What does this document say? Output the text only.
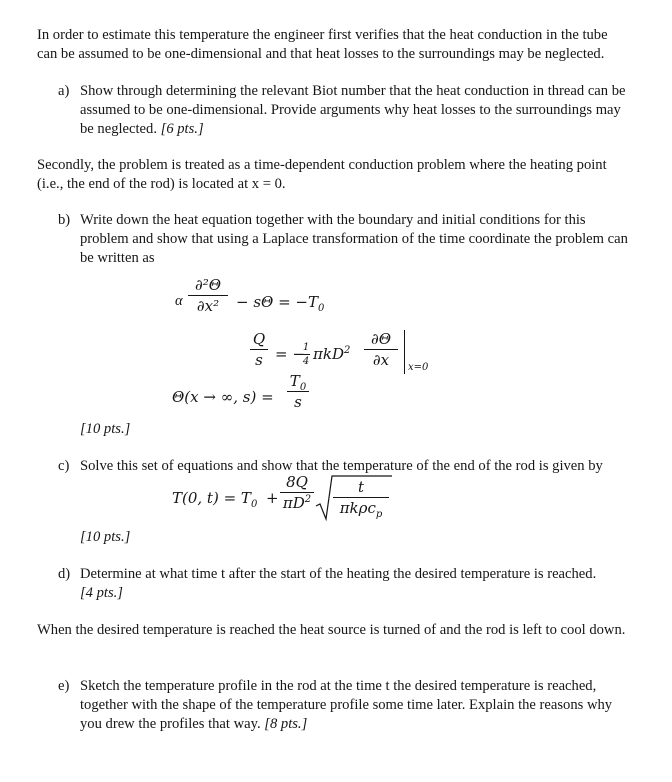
In order to estimate this temperature the engineer first verifies that the heat conduction in the tube can be assumed to be one-dimensional and that heat losses to the surroundings may be neglected.
a) Show through determining the relevant Biot number that the heat conduction in thread can be assumed to be one-dimensional. Provide arguments why heat losses to the surroundings may be neglected. [6 pts.]
Secondly, the problem is treated as a time-dependent conduction problem where the heating point (i.e., the end of the rod) is located at x = 0.
b) Write down the heat equation together with the boundary and initial conditions for this problem and show that using a Laplace transformation of the time coordinate the problem can be written as
α
∂²Θ
∂x²	− $s\Theta = -T_0$
Q
s = −
1
4 πkD$^2$
∂Θ
∂x	x=0
Θ(x → ∞, s) =
$T_0$
s
[10 pts.]
c) Solve this set of equations and show that the temperature of the end of the rod is given by
T(0, $t) = T_0$ +
8Q
$\pi D^2$
t
πkρc$_p$
[10 pts.]
d) Determine at what time t after the start of the heating the desired temperature is reached.
[4 pts.]
When the desired temperature is reached the heat source is turned of and the rod is left to cool down.
e) Sketch the temperature profile in the rod at the time t the desired temperature is reached, together with the shape of the temperature profile some time later. Explain the reasons why you drew the profiles that way. [8 pts.]
